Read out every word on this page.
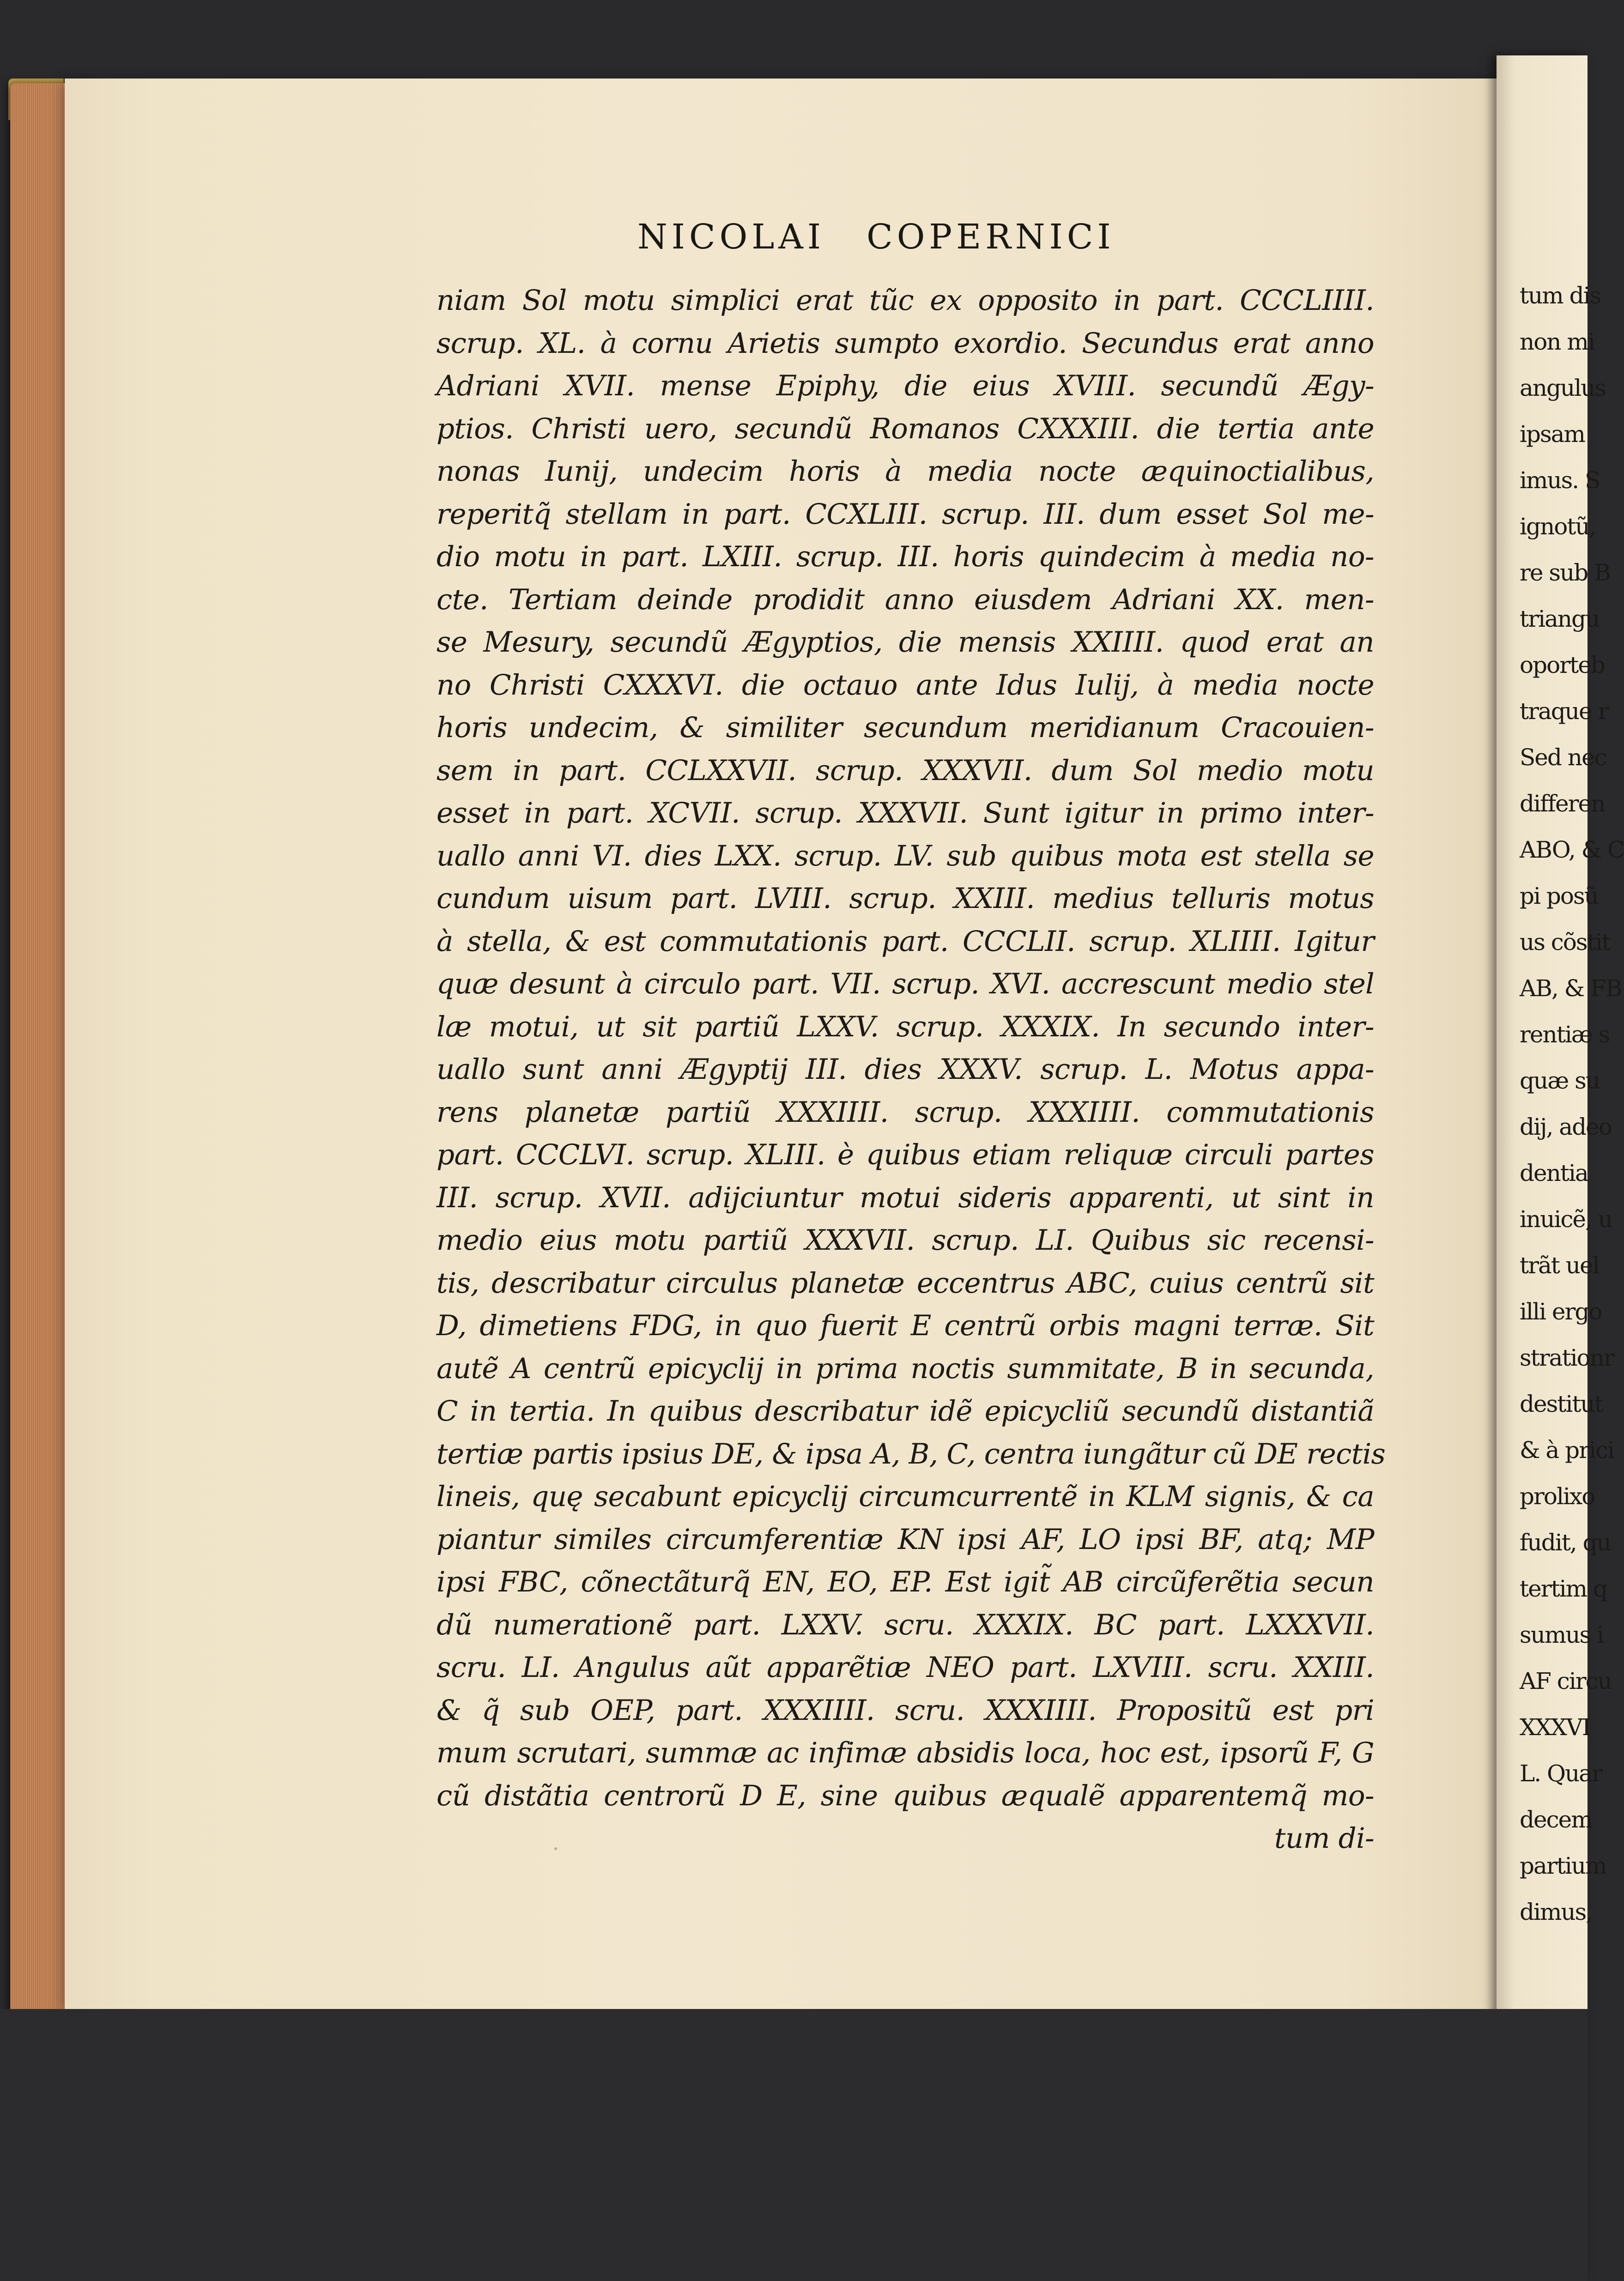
NICOLAI COPERNICI
niam Sol motu simplici erat tũc ex opposito in part. CCCLIIII.
scrup. XL. à cornu Arietis sumpto exordio. Secundus erat anno
Adriani XVII. mense Epiphy, die eius XVIII. secundũ Ægy-
ptios. Christi uero, secundũ Romanos CXXXIII. die tertia ante
nonas Iunij, undecim horis à media nocte æquinoctialibus,
reperitq̃ stellam in part. CCXLIII. scrup. III. dum esset Sol me-
dio motu in part. LXIII. scrup. III. horis quindecim à media no-
cte. Tertiam deinde prodidit anno eiusdem Adriani XX. men-
se Mesury, secundũ Ægyptios, die mensis XXIIII. quod erat an
no Christi CXXXVI. die octauo ante Idus Iulij, à media nocte
horis undecim, & similiter secundum meridianum Cracouien-
sem in part. CCLXXVII. scrup. XXXVII. dum Sol medio motu
esset in part. XCVII. scrup. XXXVII. Sunt igitur in primo inter-
uallo anni VI. dies LXX. scrup. LV. sub quibus mota est stella se
cundum uisum part. LVIII. scrup. XXIII. medius telluris motus
à stella, & est commutationis part. CCCLII. scrup. XLIIII. Igitur
quæ desunt à circulo part. VII. scrup. XVI. accrescunt medio stel
læ motui, ut sit partiũ LXXV. scrup. XXXIX. In secundo inter-
uallo sunt anni Ægyptij III. dies XXXV. scrup. L. Motus appa-
rens planetæ partiũ XXXIIII. scrup. XXXIIII. commutationis
part. CCCLVI. scrup. XLIII. è quibus etiam reliquæ circuli partes
III. scrup. XVII. adijciuntur motui sideris apparenti, ut sint in
medio eius motu partiũ XXXVII. scrup. LI. Quibus sic recensi-
tis, describatur circulus planetæ eccentrus ABC, cuius centrũ sit
D, dimetiens FDG, in quo fuerit E centrũ orbis magni terræ. Sit
autẽ A centrũ epicyclij in prima noctis summitate, B in secunda,
C in tertia. In quibus describatur idẽ epicycliũ secundũ distantiã
tertiæ partis ipsius DE, & ipsa A, B, C, centra iungãtur cũ DE rectis
lineis, quę secabunt epicyclij circumcurrentẽ in KLM signis, & ca
piantur similes circumferentiæ KN ipsi AF, LO ipsi BF, atq; MP
ipsi FBC, cõnectãturq̃ EN, EO, EP. Est igit̃ AB circũferẽtia secun
dũ numerationẽ part. LXXV. scru. XXXIX. BC part. LXXXVII.
scru. LI. Angulus aũt apparẽtiæ NEO part. LXVIII. scru. XXIII.
& q̃ sub OEP, part. XXXIIII. scru. XXXIIII. Propositũ est pri
mum scrutari, summæ ac infimæ absidis loca, hoc est, ipsorũ F, G
cũ distãtia centrorũ D E, sine quibus æqualẽ apparentemq̃ mo-
tum di-
tum dis
non mi
angulus
ipsam
imus. S
ignotũ,
re sub B
triangu
oporteb
traque r
Sed nec
differen
ABO, & C
pi posũ
us cõstit
AB, & FB
rentiæ s
quæ su
dij, adeo
dentia
inuicẽ, u
trãt uel
illi ergo
strationr
destitut
& à prici
prolixo
fudit, qu
tertim q
sumus i
AF circu
XXXVI
L. Quar
decem
partium
dimus,
